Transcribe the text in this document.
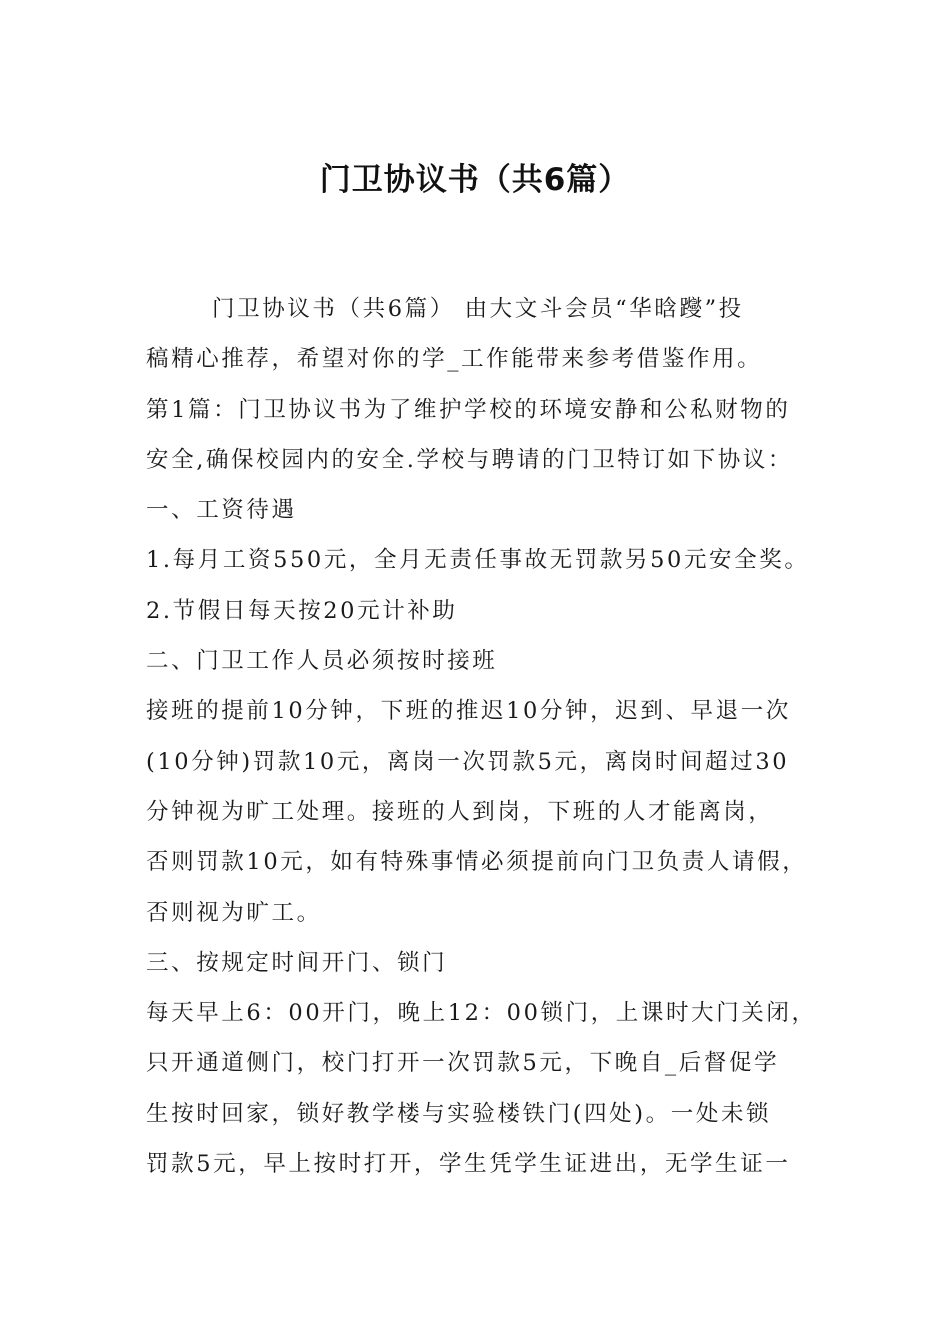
门卫协议书（共6篇）
门卫协议书（共6篇） 由大文斗会员“华晗躞”投
稿精心推荐，希望对你的学_工作能带来参考借鉴作用。
第1篇：门卫协议书为了维护学校的环境安静和公私财物的
安全,确保校园内的安全.学校与聘请的门卫特订如下协议：
一、工资待遇
1.每月工资550元，全月无责任事故无罚款另50元安全奖。
2.节假日每天按20元计补助
二、门卫工作人员必须按时接班
接班的提前10分钟，下班的推迟10分钟，迟到、早退一次
(10分钟)罚款10元，离岗一次罚款5元，离岗时间超过30
分钟视为旷工处理。接班的人到岗，下班的人才能离岗，
否则罚款10元，如有特殊事情必须提前向门卫负责人请假，
否则视为旷工。
三、按规定时间开门、锁门
每天早上6：00开门，晚上12：00锁门，上课时大门关闭，
只开通道侧门，校门打开一次罚款5元，下晚自_后督促学
生按时回家，锁好教学楼与实验楼铁门(四处)。一处未锁
罚款5元，早上按时打开，学生凭学生证进出，无学生证一
